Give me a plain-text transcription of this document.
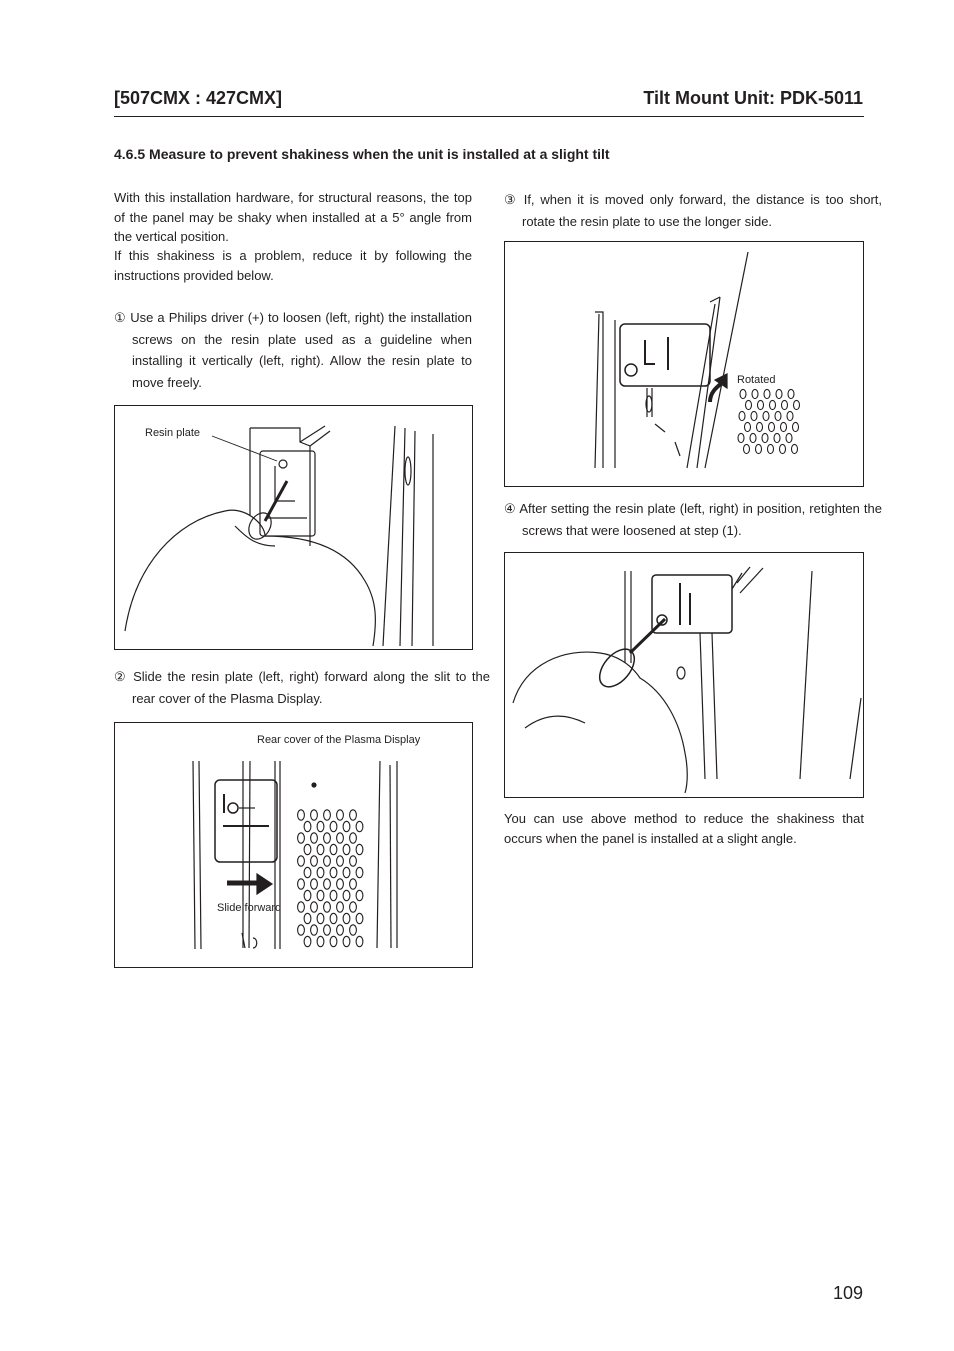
[507CMX : 427CMX]	Tilt Mount Unit: PDK-5011
4.6.5 Measure to prevent shakiness when the unit is installed at a slight tilt

With this installation hardware, for structural reasons, the top of the panel may be shaky when installed at a 5° angle from the vertical position.

If this shakiness is a problem, reduce it by following the instructions provided below.

① Use a Philips driver (+) to loosen (left, right) the installation screws on the resin plate used as a guideline when installing it vertically (left, right). Allow the resin plate to move freely.

Resin plate

② Slide the resin plate (left, right) forward along the slit to the rear cover of the Plasma Display.

Rear cover of the Plasma Display
Slide forward

③ If, when it is moved only forward, the distance is too short, rotate the resin plate to use the longer side.

Rotated

④ After setting the resin plate (left, right) in position, retighten the screws that were loosened at step (1).

You can use above method to reduce the shakiness that occurs when the panel is installed at a slight angle.

109
